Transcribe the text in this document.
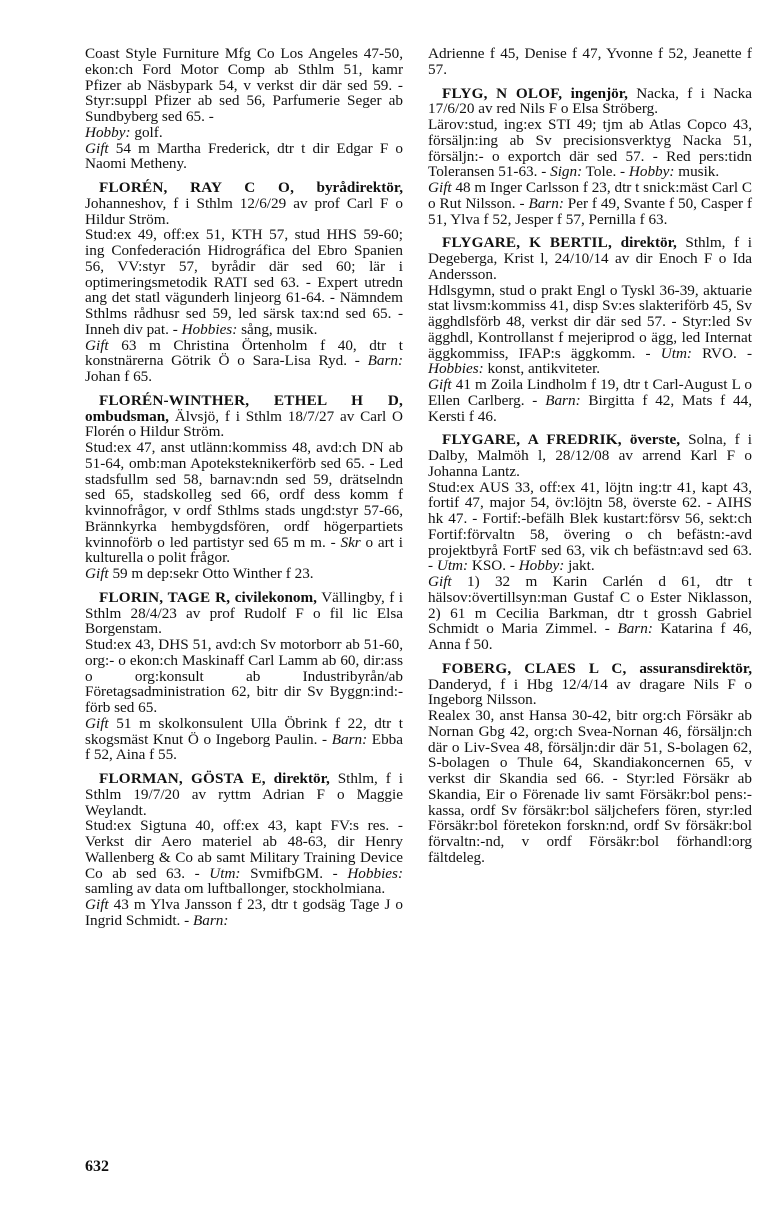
Coast Style Furniture Mfg Co Los Angeles 47-50, ekon:ch Ford Motor Comp ab Sthlm 51, kamr Pfizer ab Näsbypark 54, v verkst dir där sed 59. - Styr:suppl Pfizer ab sed 56, Parfumerie Seger ab Sundbyberg sed 65. -

Hobby: golf.

Gift 54 m Martha Frederick, dtr t dir Edgar F o Naomi Metheny.

FLORÉN, RAY C O, byrådirektör, Johanneshov, f i Sthlm 12/6/29 av prof Carl F o Hildur Ström.

Stud:ex 49, off:ex 51, KTH 57, stud HHS 59-60; ing Confederación Hidrográfica del Ebro Spanien 56, VV:styr 57, byrådir där sed 60; lär i optimeringsmetodik RATI sed 63. - Expert utredn ang det statl vägunderh linjeorg 61-64. - Nämndem Sthlms rådhusr sed 59, led särsk tax:nd sed 65. - Inneh div pat. - Hobbies: sång, musik.

Gift 63 m Christina Örtenholm f 40, dtr t konstnärerna Götrik Ö o Sara-Lisa Ryd. - Barn: Johan f 65.

FLORÉN-WINTHER, ETHEL H D, ombudsman, Älvsjö, f i Sthlm 18/7/27 av Carl O Florén o Hildur Ström.

Stud:ex 47, anst utlänn:kommiss 48, avd:ch DN ab 51-64, omb:man Apoteksteknikerförb sed 65. - Led stadsfullm sed 58, barnav:ndn sed 59, drätselndn sed 65, stadskolleg sed 66, ordf dess komm f kvinnofrågor, v ordf Sthlms stads ungd:styr 57-66, Brännkyrka hembygdsfören, ordf högerpartiets kvinnoförb o led partistyr sed 65 m m. - Skr o art i kulturella o polit frågor.

Gift 59 m dep:sekr Otto Winther f 23.

FLORIN, TAGE R, civilekonom, Vällingby, f i Sthlm 28/4/23 av prof Rudolf F o fil lic Elsa Borgenstam.

Stud:ex 43, DHS 51, avd:ch Sv motorborr ab 51-60, org:- o ekon:ch Maskinaff Carl Lamm ab 60, dir:ass o org:konsult ab Industribyrån/ab Företagsadministration 62, bitr dir Sv Byggn:ind:-förb sed 65.

Gift 51 m skolkonsulent Ulla Öbrink f 22, dtr t skogsmäst Knut Ö o Ingeborg Paulin. - Barn: Ebba f 52, Aina f 55.

FLORMAN, GÖSTA E, direktör, Sthlm, f i Sthlm 19/7/20 av ryttm Adrian F o Maggie Weylandt.

Stud:ex Sigtuna 40, off:ex 43, kapt FV:s res. - Verkst dir Aero materiel ab 48-63, dir Henry Wallenberg & Co ab samt Military Training Device Co ab sed 63. - Utm: SvmifbGM. - Hobbies: samling av data om luftballonger, stockholmiana.

Gift 43 m Ylva Jansson f 23, dtr t godsäg Tage J o Ingrid Schmidt. - Barn:

Adrienne f 45, Denise f 47, Yvonne f 52, Jeanette f 57.

FLYG, N OLOF, ingenjör, Nacka, f i Nacka 17/6/20 av red Nils F o Elsa Ströberg.

Lärov:stud, ing:ex STI 49; tjm ab Atlas Copco 43, försäljn:ing ab Sv precisionsverktyg Nacka 51, försäljn:- o exportch där sed 57. - Red pers:tidn Toleransen 51-63. - Sign: Tole. - Hobby: musik.

Gift 48 m Inger Carlsson f 23, dtr t snick:mäst Carl C o Rut Nilsson. - Barn: Per f 49, Svante f 50, Casper f 51, Ylva f 52, Jesper f 57, Pernilla f 63.

FLYGARE, K BERTIL, direktör, Sthlm, f i Degeberga, Krist l, 24/10/14 av dir Enoch F o Ida Andersson.

Hdlsgymn, stud o prakt Engl o Tyskl 36-39, aktuarie stat livsm:kommiss 41, disp Sv:es slakteriförb 45, Sv ägghdlsförb 48, verkst dir där sed 57. - Styr:led Sv ägghdl, Kontrollanst f mejeriprod o ägg, led Internat äggkommiss, IFAP:s äggkomm. - Utm: RVO. - Hobbies: konst, antikviteter.

Gift 41 m Zoila Lindholm f 19, dtr t Carl-August L o Ellen Carlberg. - Barn: Birgitta f 42, Mats f 44, Kersti f 46.

FLYGARE, A FREDRIK, överste, Solna, f i Dalby, Malmöh l, 28/12/08 av arrend Karl F o Johanna Lantz.

Stud:ex AUS 33, off:ex 41, löjtn ing:tr 41, kapt 43, fortif 47, major 54, öv:löjtn 58, överste 62. - AIHS hk 47. - Fortif:-befälh Blek kustart:försv 56, sekt:ch Fortif:förvaltn 58, övering o ch befästn:-avd projektbyrå FortF sed 63, vik ch befästn:avd sed 63. - Utm: KSO. - Hobby: jakt.

Gift 1) 32 m Karin Carlén d 61, dtr t hälsov:övertillsyn:man Gustaf C o Ester Niklasson, 2) 61 m Cecilia Barkman, dtr t grossh Gabriel Schmidt o Maria Zimmel. - Barn: Katarina f 46, Anna f 50.

FOBERG, CLAES L C, assuransdirektör, Danderyd, f i Hbg 12/4/14 av dragare Nils F o Ingeborg Nilsson.

Realex 30, anst Hansa 30-42, bitr org:ch Försäkr ab Nornan Gbg 42, org:ch Svea-Nornan 46, försäljn:ch där o Liv-Svea 48, försäljn:dir där 51, S-bolagen 62, S-bolagen o Thule 64, Skandiakoncernen 65, v verkst dir Skandia sed 66. - Styr:led Försäkr ab Skandia, Eir o Förenade liv samt Försäkr:bol pens:-kassa, ordf Sv försäkr:bol säljchefers fören, styr:led Försäkr:bol företekon forskn:nd, ordf Sv försäkr:bol förvaltn:-nd, v ordf Försäkr:bol förhandl:org fältdeleg.

632
